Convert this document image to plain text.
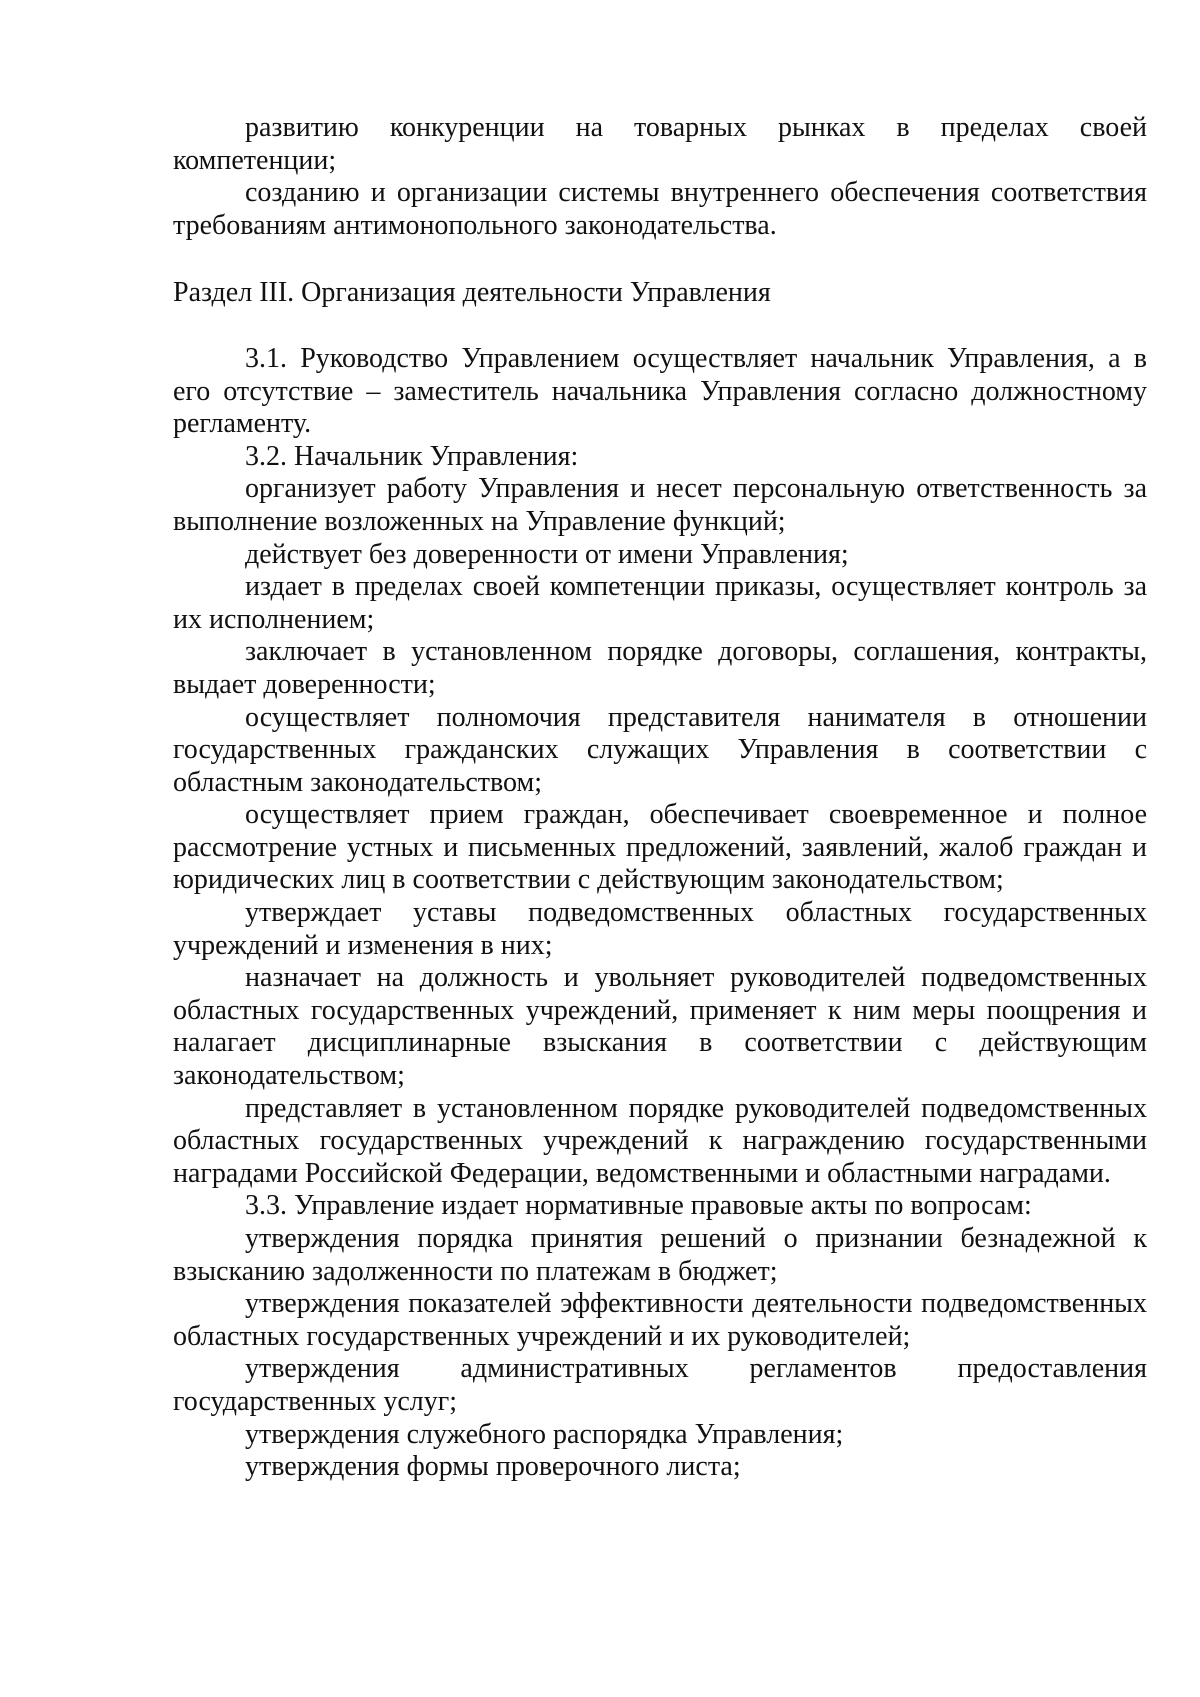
развитию конкуренции на товарных рынках в пределах своей компетенции;

созданию и организации системы внутреннего обеспечения соответствия требованиям антимонопольного законодательства.

Раздел III. Организация деятельности Управления

3.1. Руководство Управлением осуществляет начальник Управления, а в его отсутствие – заместитель начальника Управления согласно должностному регламенту.

3.2. Начальник Управления:

организует работу Управления и несет персональную ответственность за выполнение возложенных на Управление функций;

действует без доверенности от имени Управления;

издает в пределах своей компетенции приказы, осуществляет контроль за их исполнением;

заключает в установленном порядке договоры, соглашения, контракты, выдает доверенности;

осуществляет полномочия представителя нанимателя в отношении государственных гражданских служащих Управления в соответствии с областным законодательством;

осуществляет прием граждан, обеспечивает своевременное и полное рассмотрение устных и письменных предложений, заявлений, жалоб граждан и юридических лиц в соответствии с действующим законодательством;

утверждает уставы подведомственных областных государственных учреждений и изменения в них;

назначает на должность и увольняет руководителей подведомственных областных государственных учреждений, применяет к ним меры поощрения и налагает дисциплинарные взыскания в соответствии с действующим законодательством;

представляет в установленном порядке руководителей подведомственных областных государственных учреждений к награждению государственными наградами Российской Федерации, ведомственными и областными наградами.

3.3. Управление издает нормативные правовые акты по вопросам:

утверждения порядка принятия решений о признании безнадежной к взысканию задолженности по платежам в бюджет;

утверждения показателей эффективности деятельности подведомственных областных государственных учреждений и их руководителей;

утверждения административных регламентов предоставления государственных услуг;

утверждения служебного распорядка Управления;

утверждения формы проверочного листа;
